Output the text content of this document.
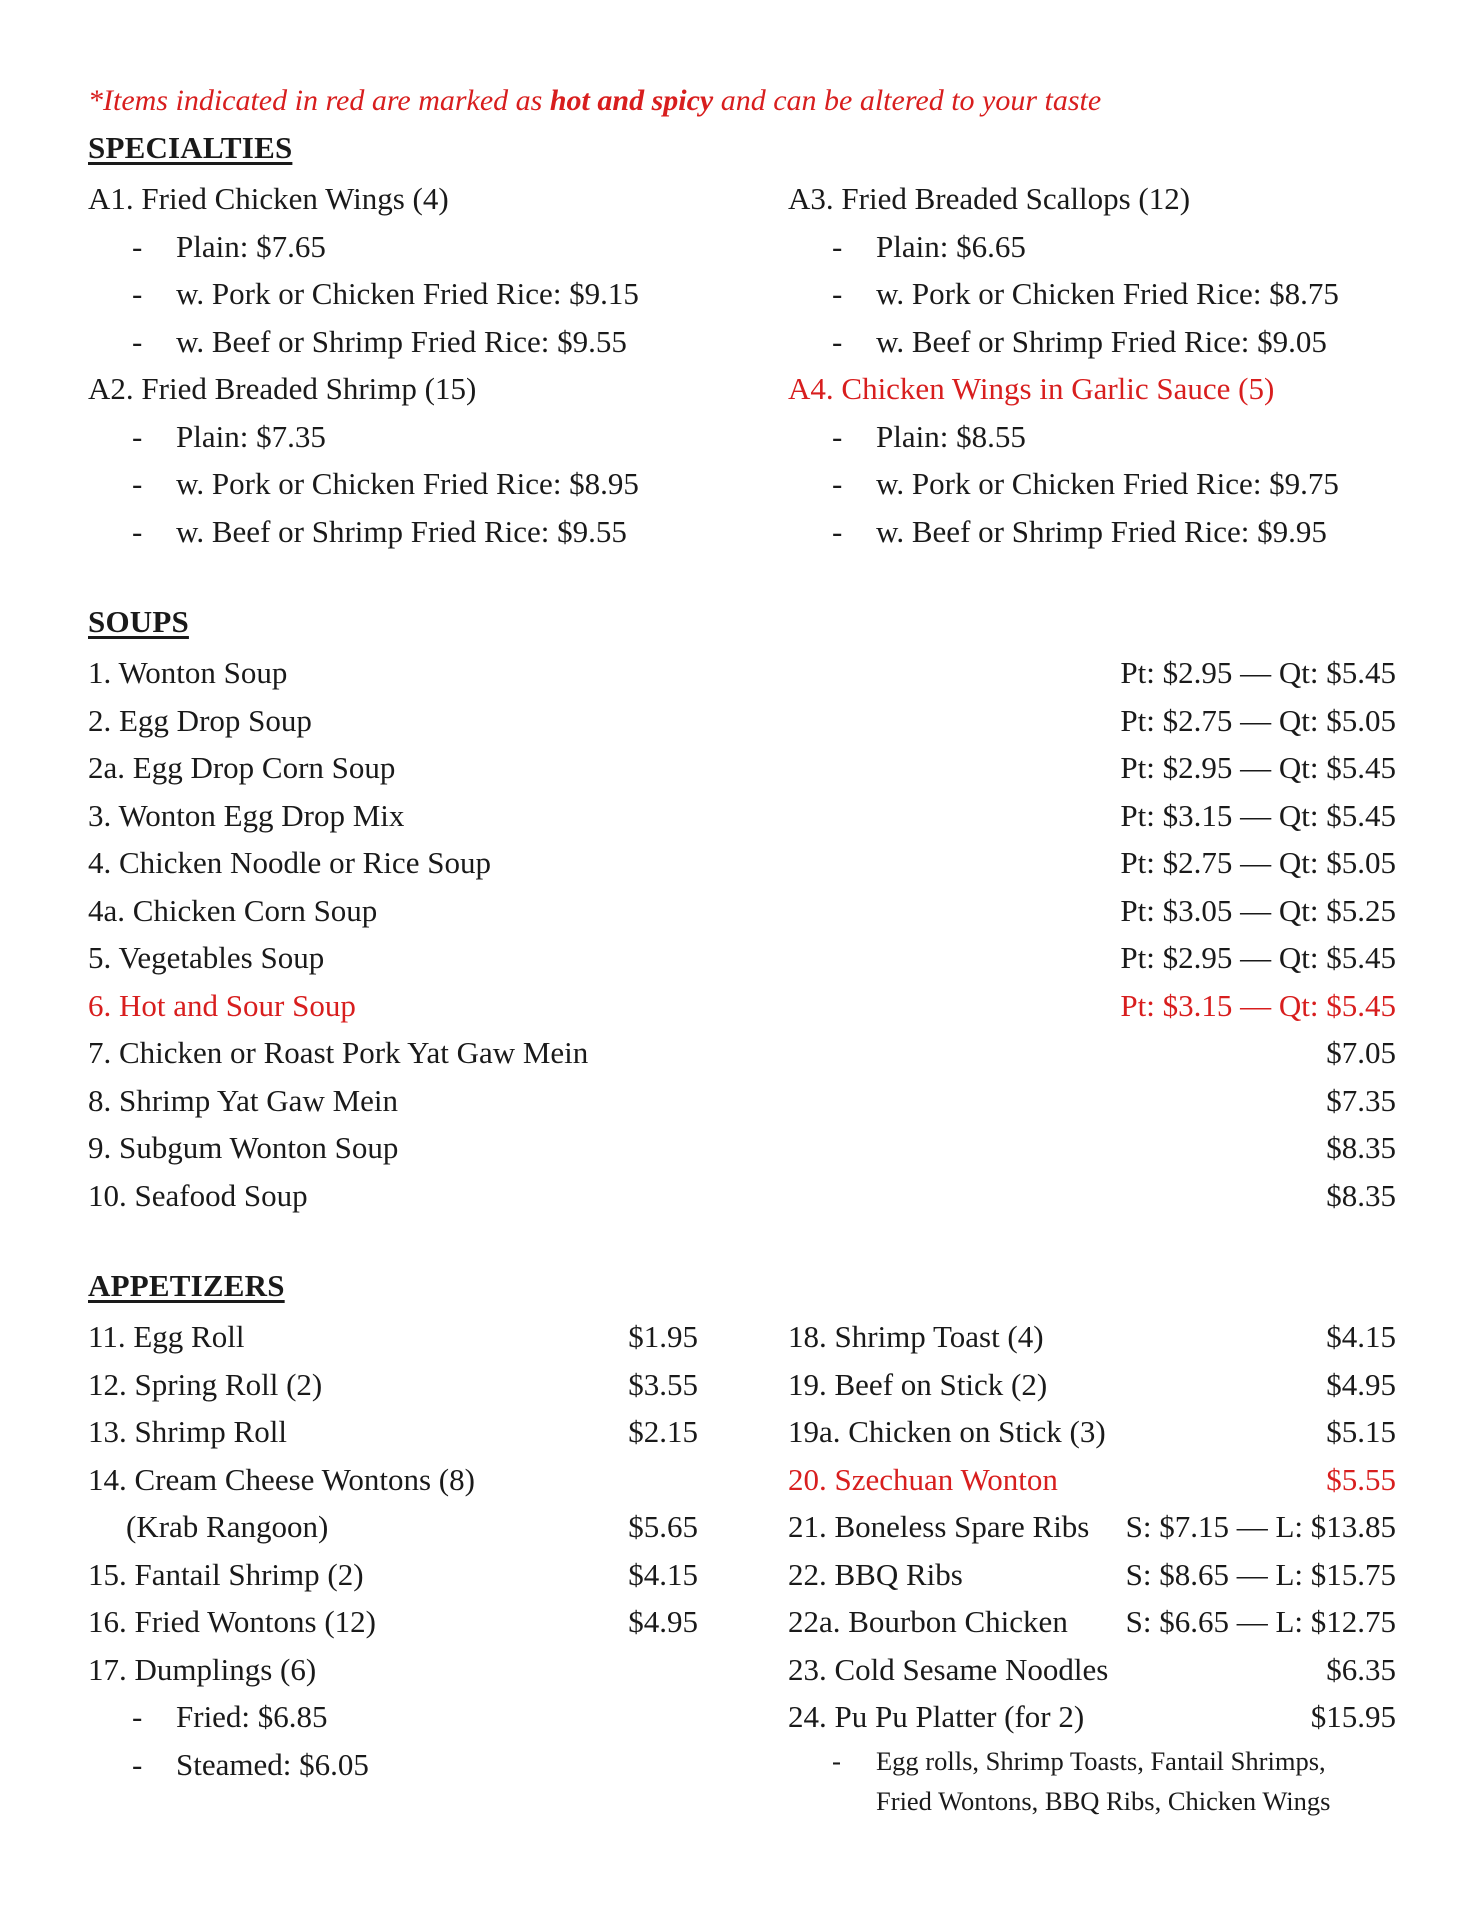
*Items indicated in red are marked as hot and spicy and can be altered to your taste
SPECIALTIES
A1. Fried Chicken Wings (4)
- Plain: $7.65
- w. Pork or Chicken Fried Rice: $9.15
- w. Beef or Shrimp Fried Rice: $9.55
A2. Fried Breaded Shrimp (15)
- Plain: $7.35
- w. Pork or Chicken Fried Rice: $8.95
- w. Beef or Shrimp Fried Rice: $9.55
A3. Fried Breaded Scallops (12)
- Plain: $6.65
- w. Pork or Chicken Fried Rice: $8.75
- w. Beef or Shrimp Fried Rice: $9.05
A4. Chicken Wings in Garlic Sauce (5)
- Plain: $8.55
- w. Pork or Chicken Fried Rice: $9.75
- w. Beef or Shrimp Fried Rice: $9.95
SOUPS
1. Wonton Soup	Pt: $2.95 — Qt: $5.45
2. Egg Drop Soup	Pt: $2.75 — Qt: $5.05
2a. Egg Drop Corn Soup	Pt: $2.95 — Qt: $5.45
3. Wonton Egg Drop Mix	Pt: $3.15 — Qt: $5.45
4. Chicken Noodle or Rice Soup	Pt: $2.75 — Qt: $5.05
4a. Chicken Corn Soup	Pt: $3.05 — Qt: $5.25
5. Vegetables Soup	Pt: $2.95 — Qt: $5.45
6. Hot and Sour Soup	Pt: $3.15 — Qt: $5.45
7. Chicken or Roast Pork Yat Gaw Mein	$7.05
8. Shrimp Yat Gaw Mein	$7.35
9. Subgum Wonton Soup	$8.35
10. Seafood Soup	$8.35
APPETIZERS
11. Egg Roll	$1.95
12. Spring Roll (2)	$3.55
13. Shrimp Roll	$2.15
14. Cream Cheese Wontons (8)
(Krab Rangoon)	$5.65
15. Fantail Shrimp (2)	$4.15
16. Fried Wontons (12)	$4.95
17. Dumplings (6)
- Fried: $6.85
- Steamed: $6.05
18. Shrimp Toast (4)	$4.15
19. Beef on Stick (2)	$4.95
19a. Chicken on Stick (3)	$5.15
20. Szechuan Wonton	$5.55
21. Boneless Spare Ribs S: $7.15 — L: $13.85
22. BBQ Ribs	S: $8.65 — L: $15.75
22a. Bourbon Chicken S: $6.65 — L: $12.75
23. Cold Sesame Noodles	$6.35
24. Pu Pu Platter (for 2)	$15.95
- Egg rolls, Shrimp Toasts, Fantail Shrimps, Fried Wontons, BBQ Ribs, Chicken Wings
